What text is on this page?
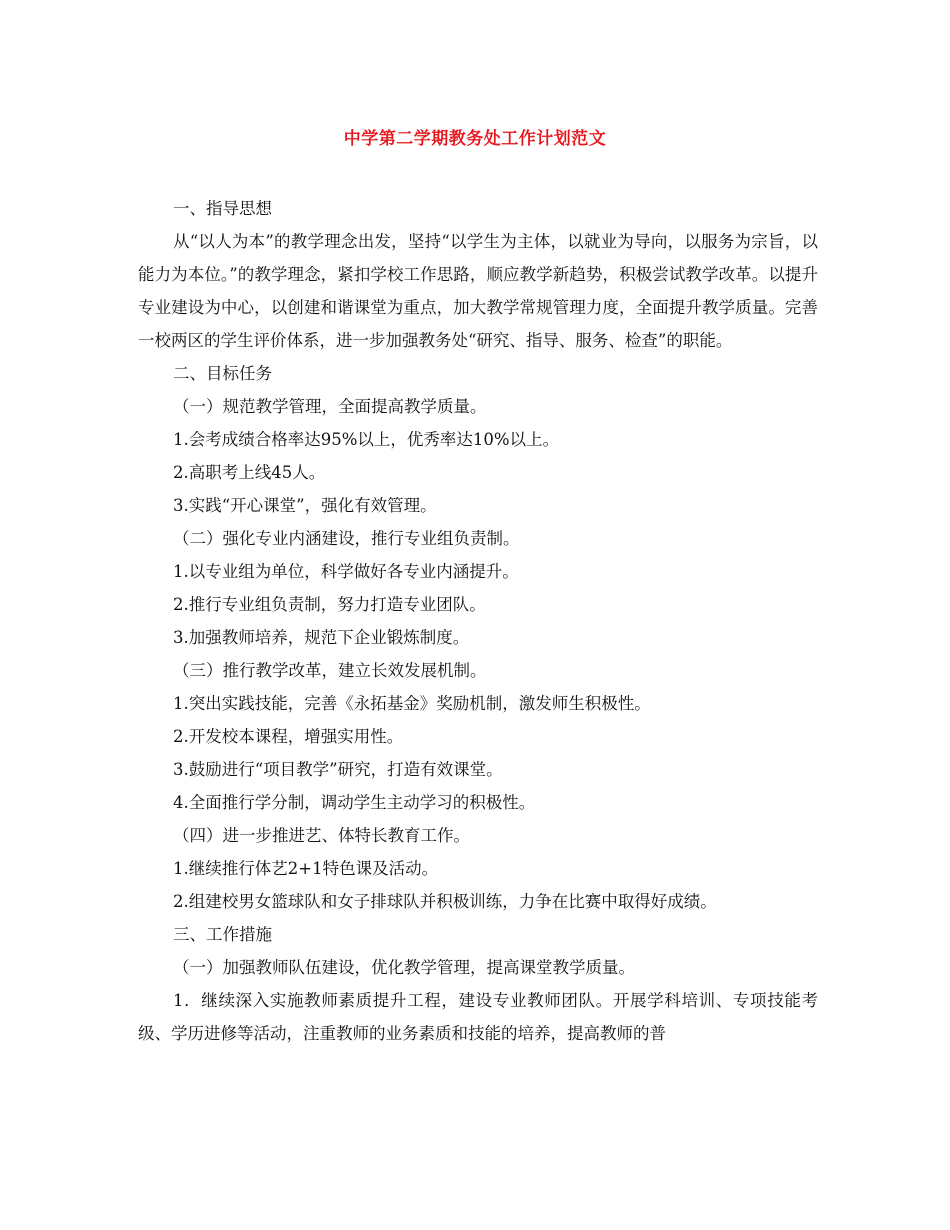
中学第二学期教务处工作计划范文

一、指导思想

从“以人为本”的教学理念出发，坚持“以学生为主体，以就业为导向，以服务为宗旨，以能力为本位。”的教学理念，紧扣学校工作思路，顺应教学新趋势，积极尝试教学改革。以提升专业建设为中心，以创建和谐课堂为重点，加大教学常规管理力度，全面提升教学质量。完善一校两区的学生评价体系，进一步加强教务处“研究、指导、服务、检查”的职能。

二、目标任务

（一）规范教学管理，全面提高教学质量。

1.会考成绩合格率达95%以上，优秀率达10%以上。

2.高职考上线45人。

3.实践“开心课堂”，强化有效管理。

（二）强化专业内涵建设，推行专业组负责制。

1.以专业组为单位，科学做好各专业内涵提升。

2.推行专业组负责制，努力打造专业团队。

3.加强教师培养，规范下企业锻炼制度。

（三）推行教学改革，建立长效发展机制。

1.突出实践技能，完善《永拓基金》奖励机制，激发师生积极性。

2.开发校本课程，增强实用性。

3.鼓励进行“项目教学”研究，打造有效课堂。

4.全面推行学分制，调动学生主动学习的积极性。

（四）进一步推进艺、体特长教育工作。

1.继续推行体艺2+1特色课及活动。

2.组建校男女篮球队和女子排球队并积极训练，力争在比赛中取得好成绩。

三、工作措施

（一）加强教师队伍建设，优化教学管理，提高课堂教学质量。

1．继续深入实施教师素质提升工程，建设专业教师团队。开展学科培训、专项技能考级、学历进修等活动，注重教师的业务素质和技能的培养，提高教师的普
